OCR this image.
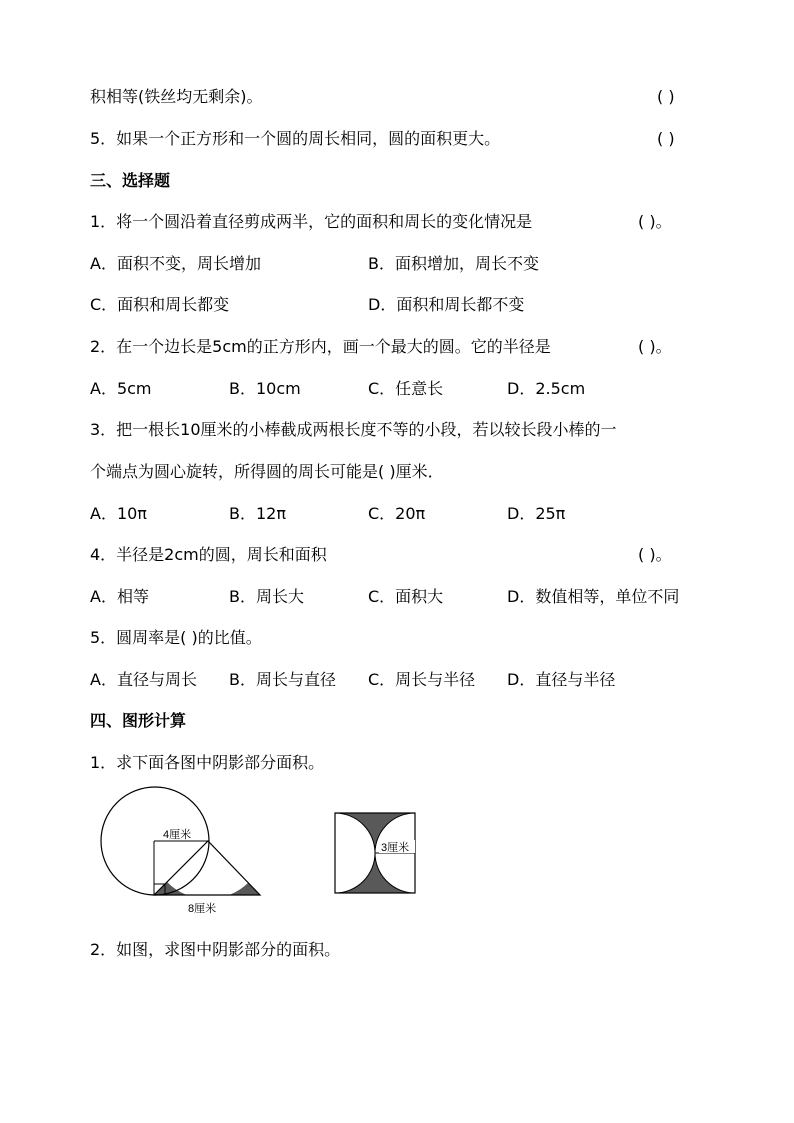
积相等(铁丝均无剩余)。	( )
5．如果一个正方形和一个圆的周长相同，圆的面积更大。	( )
三、选择题
1．将一个圆沿着直径剪成两半，它的面积和周长的变化情况是	( )。
A．面积不变，周长增加	B．面积增加，周长不变
C．面积和周长都变	D．面积和周长都不变
2．在一个边长是5cm的正方形内，画一个最大的圆。它的半径是	( )。
A．5cm	B．10cm	C．任意长	D．2.5cm
3．把一根长10厘米的小棒截成两根长度不等的小段，若以较长段小棒的一
个端点为圆心旋转，所得圆的周长可能是( )厘米．
A．10π	B．12π	C．20π	D．25π
4．半径是2cm的圆，周长和面积	( )。
A．相等	B．周长大	C．面积大	D．数值相等，单位不同
5．圆周率是( )的比值。
A．直径与周长 B．周长与直径 C．周长与半径 D．直径与半径
四、图形计算
1．求下面各图中阴影部分面积。
4厘米
8厘米
3厘米
2．如图，求图中阴影部分的面积。
